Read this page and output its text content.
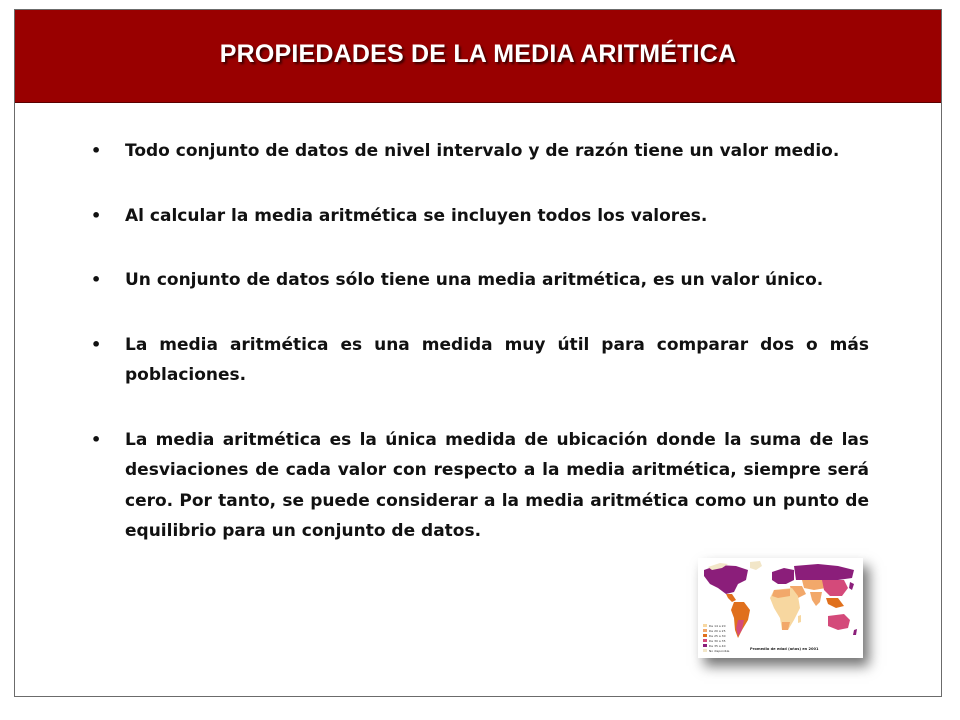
PROPIEDADES DE LA MEDIA ARITMÉTICA
• Todo conjunto de datos de nivel intervalo y de razón tiene un valor medio.
• Al calcular la media aritmética se incluyen todos los valores.
• Un conjunto de datos sólo tiene una media aritmética, es un valor único.
• La media aritmética es una medida muy útil para comparar dos o más poblaciones.
• La media aritmética es la única medida de ubicación donde la suma de las desviaciones de cada valor con respecto a la media aritmética, siempre será cero. Por tanto, se puede considerar a la media aritmética como un punto de equilibrio para un conjunto de datos.
De 14 a 20
De 20 a 25
De 25 a 30
De 30 a 35
De 35 a 40
No disponible	Promedio de edad (años) en 2001
